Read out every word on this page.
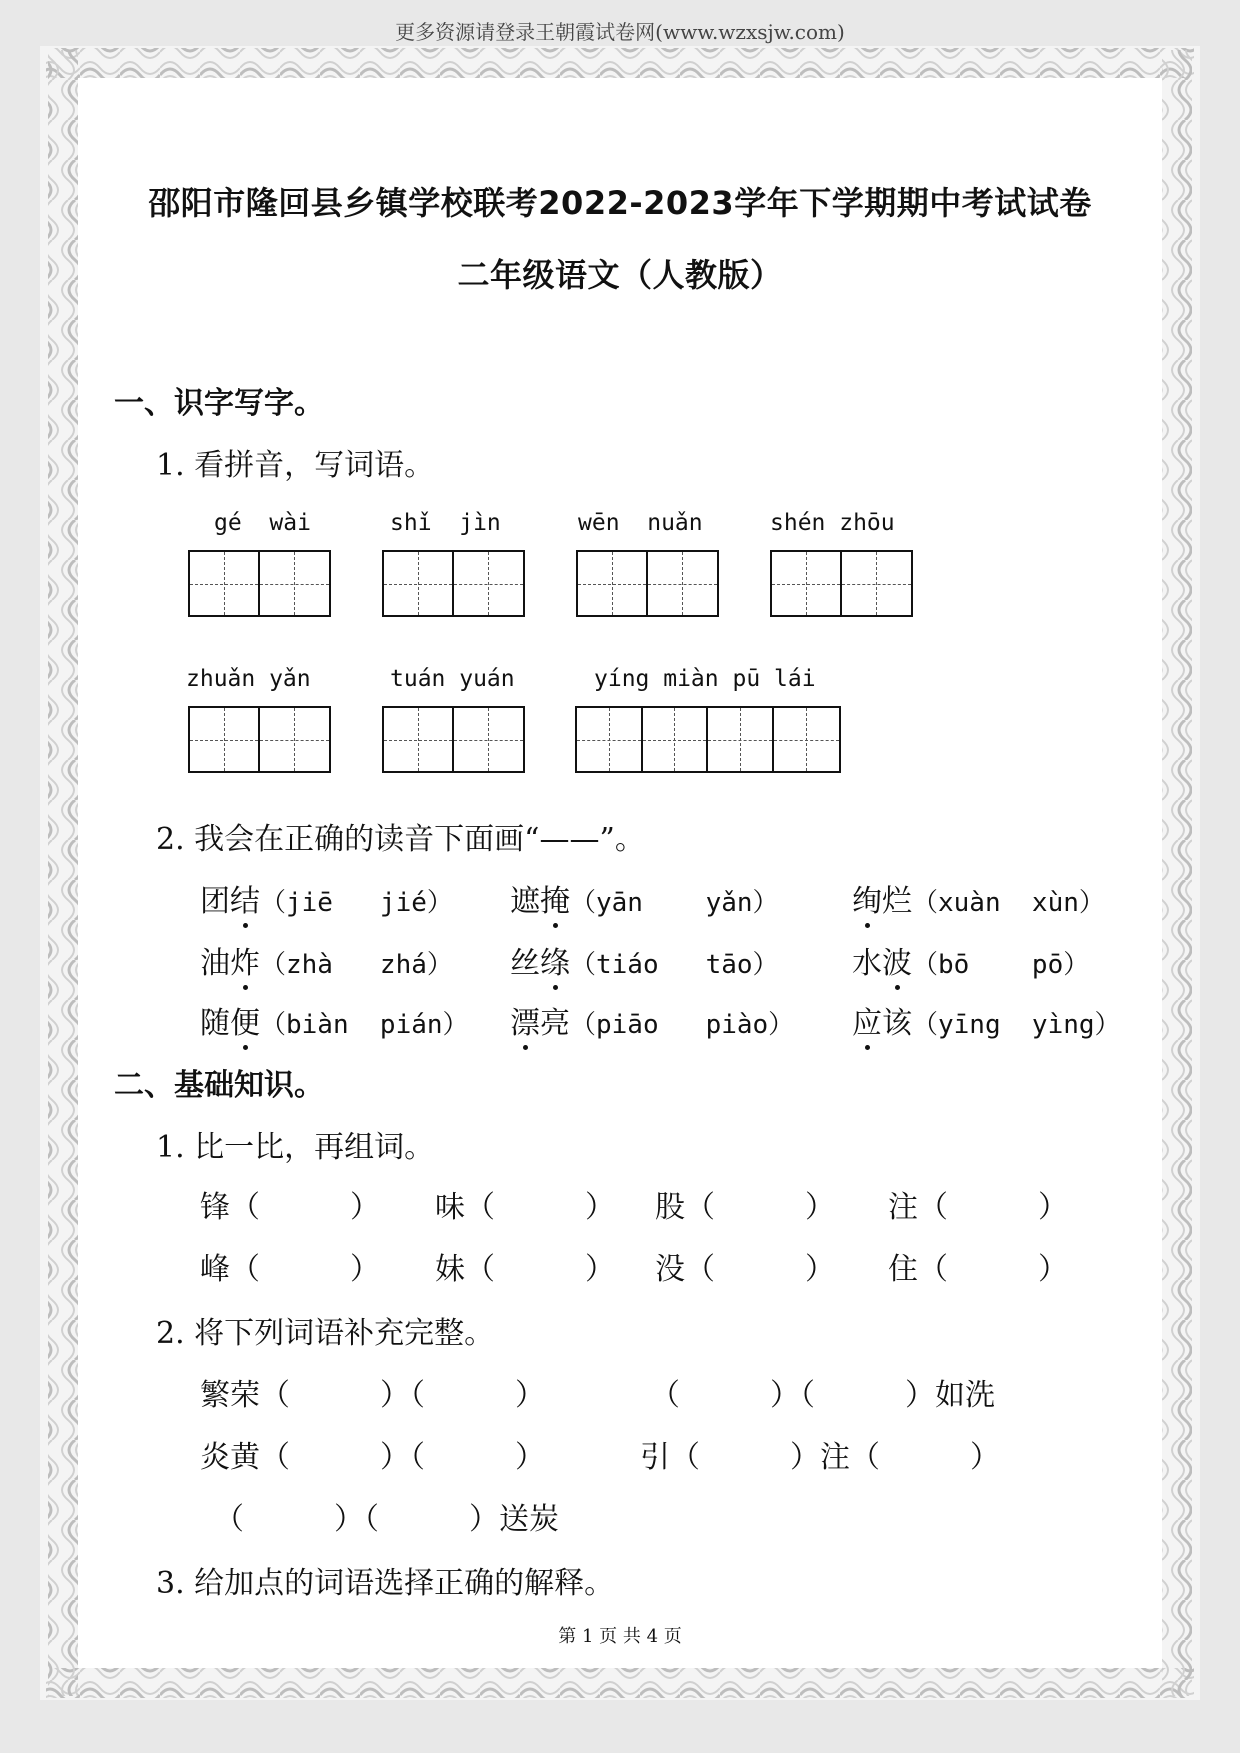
更多资源请登录王朝霞试卷网(www.wzxsjw.com)
邵阳市隆回县乡镇学校联考2022-2023学年下学期期中考试试卷
二年级语文（人教版）
一、识字写字。
1. 看拼音，写词语。
gé  wài	shǐ  jìn	wēn  nuǎn	shén zhōu
zhuǎn yǎn	tuán yuán	yíng miàn pū lái
2. 我会在正确的读音下面画“——”。
团结（jiē   jié） 遮掩（yān    yǎn） 绚烂（xuàn  xùn）
油炸（zhà   zhá） 丝绦（tiáo   tāo） 水波（bō    pō）
随便（biàn  pián） 漂亮（piāo   piào） 应该（yīng  yìng）
二、基础知识。
1. 比一比，再组词。
锋（　　　） 味（　　　） 股（　　　） 注（　　　）
峰（　　　） 妹（　　　） 没（　　　） 住（　　　）
2. 将下列词语补充完整。
繁荣（　　　）（　　　）	（　　　）（　　　）如洗
炎黄（　　　）（　　　）	引（　　　）注（　　　）
（　　　）（　　　）送炭
3. 给加点的词语选择正确的解释。
第 1 页 共 4 页
